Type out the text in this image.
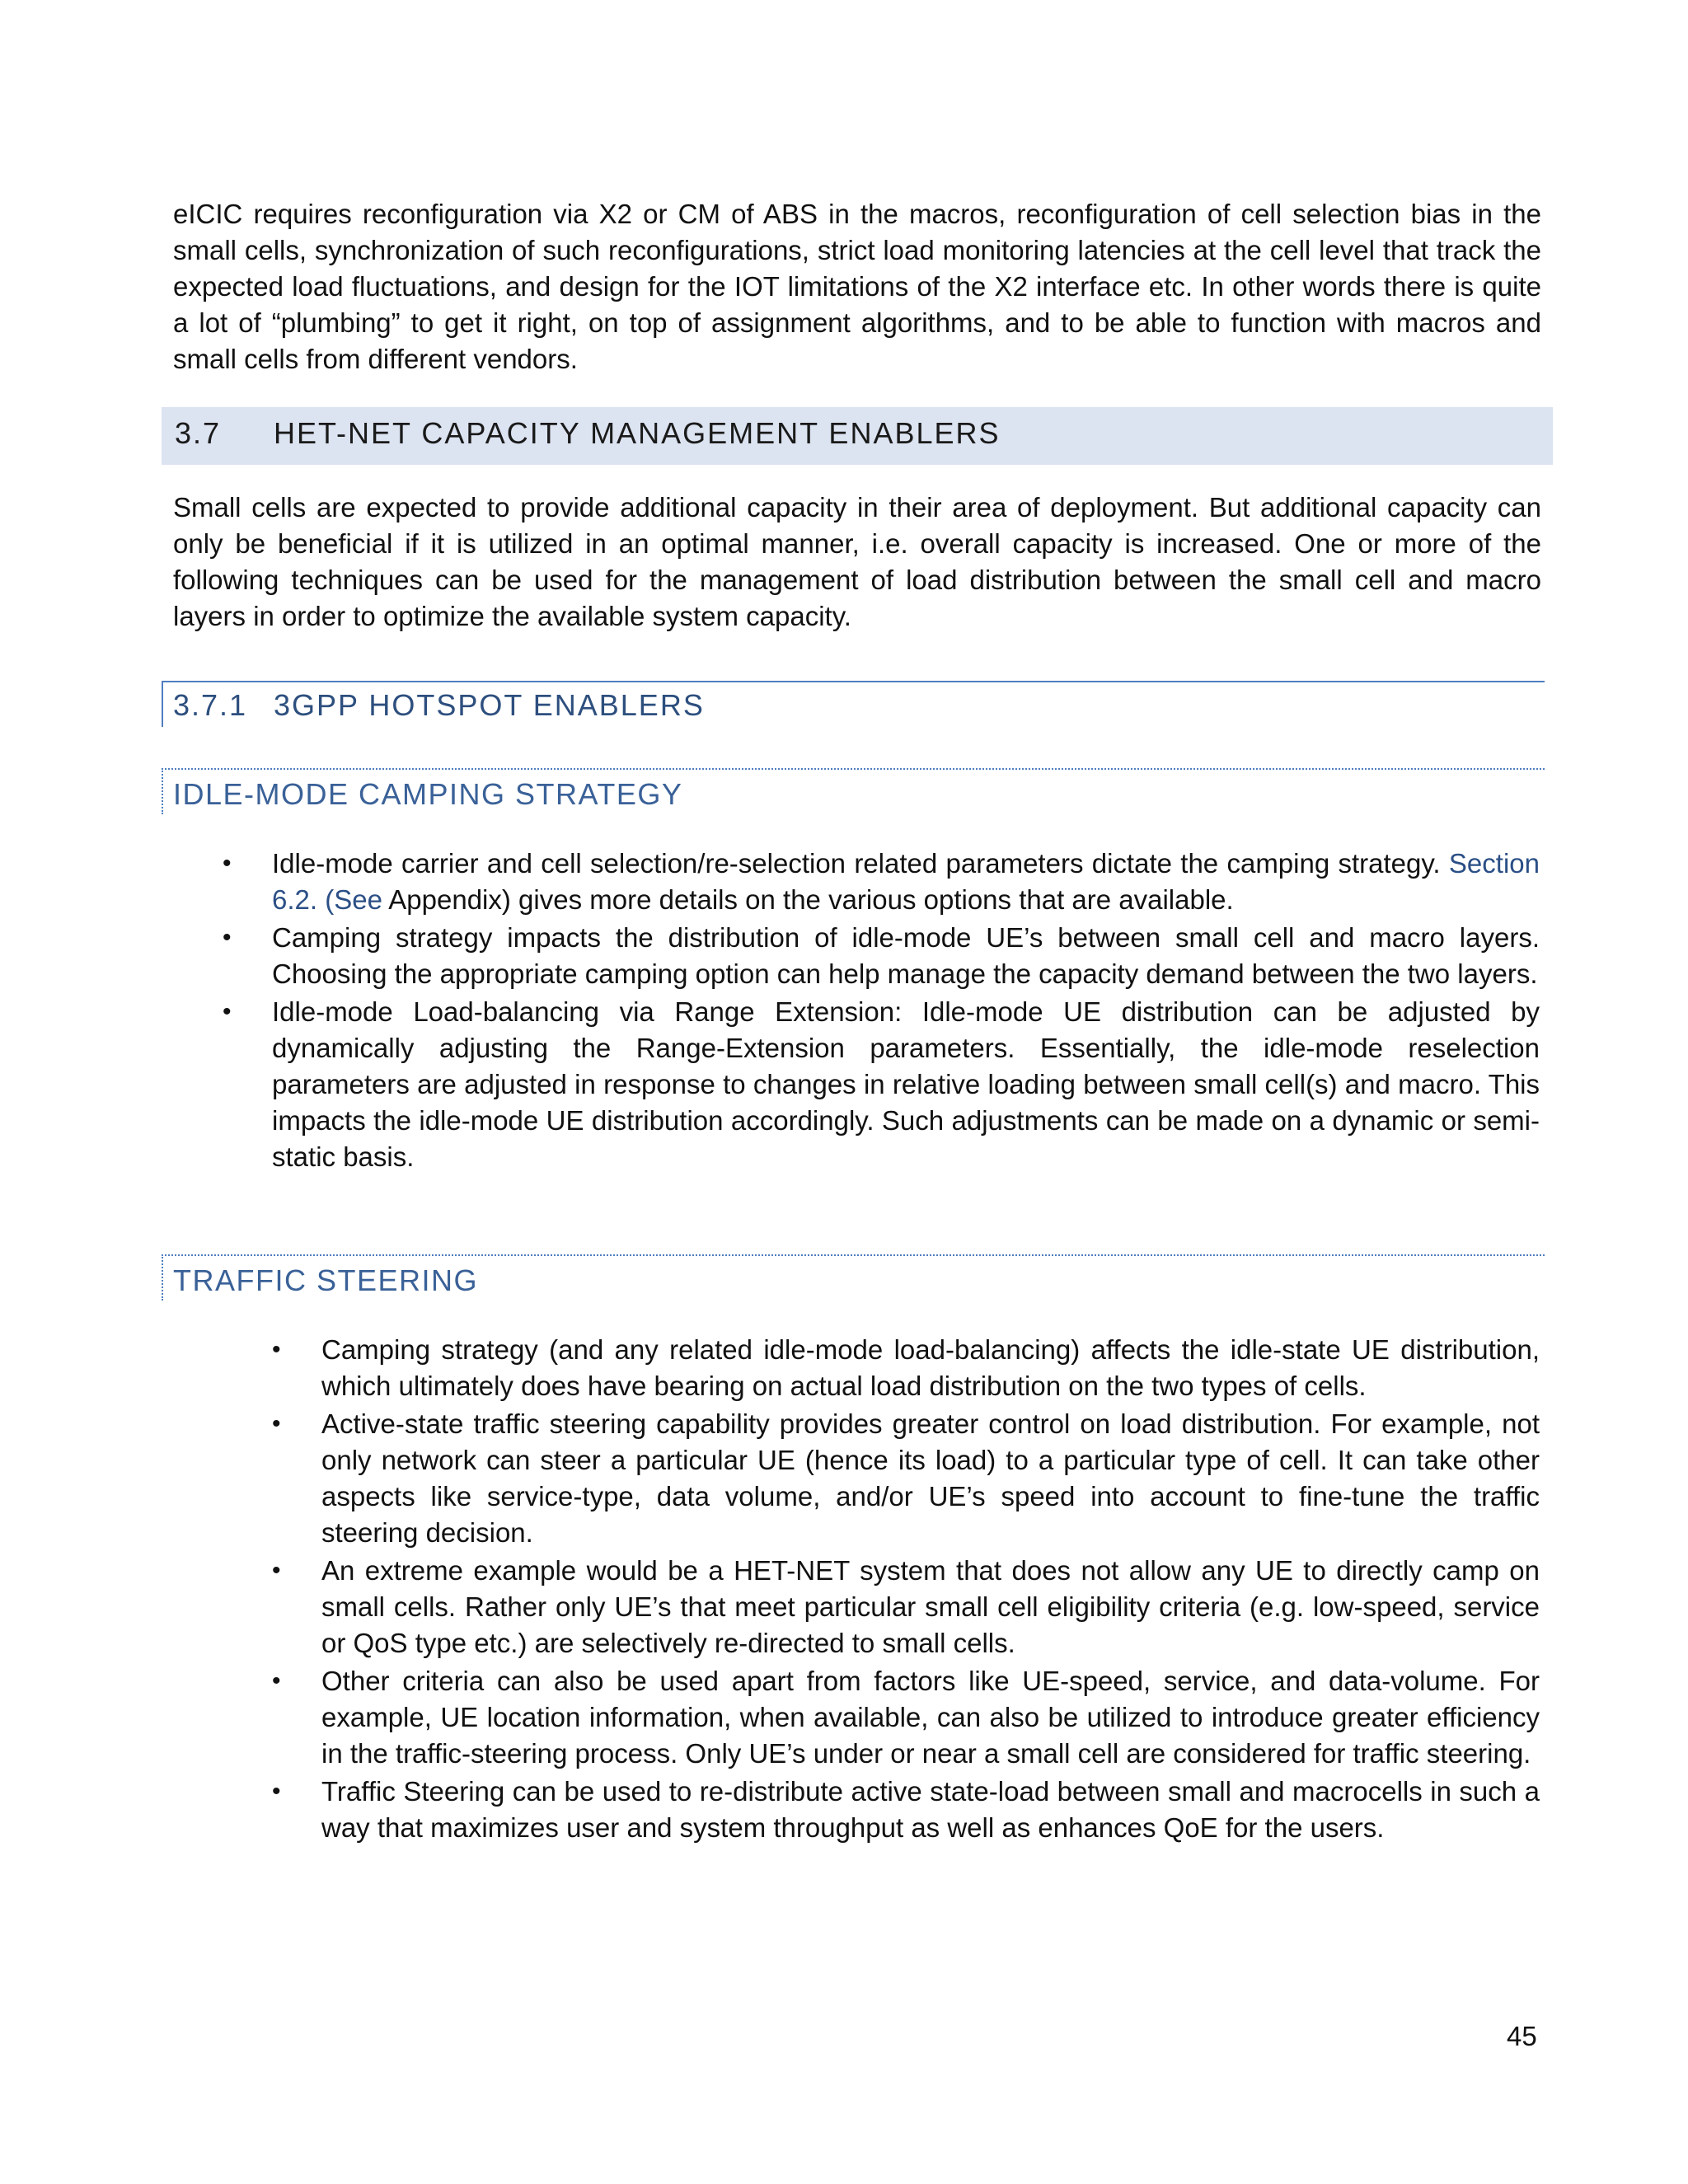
eICIC requires reconfiguration via X2 or CM of ABS in the macros, reconfiguration of cell selection bias in the small cells, synchronization of such reconfigurations, strict load monitoring latencies at the cell level that track the expected load fluctuations, and design for the IOT limitations of the X2 interface etc. In other words there is quite a lot of “plumbing” to get it right, on top of assignment algorithms, and to be able to function with macros and small cells from different vendors.

3.7 HET-NET CAPACITY MANAGEMENT ENABLERS

Small cells are expected to provide additional capacity in their area of deployment. But additional capacity can only be beneficial if it is utilized in an optimal manner, i.e. overall capacity is increased. One or more of the following techniques can be used for the management of load distribution between the small cell and macro layers in order to optimize the available system capacity.

3.7.1 3GPP HOTSPOT ENABLERS
IDLE-MODE CAMPING STRATEGY
• Idle-mode carrier and cell selection/re-selection related parameters dictate the camping strategy. Section 6.2. (See Appendix) gives more details on the various options that are available.
• Camping strategy impacts the distribution of idle-mode UE’s between small cell and macro layers. Choosing the appropriate camping option can help manage the capacity demand between the two layers.
• Idle-mode Load-balancing via Range Extension: Idle-mode UE distribution can be adjusted by dynamically adjusting the Range-Extension parameters. Essentially, the idle-mode reselection parameters are adjusted in response to changes in relative loading between small cell(s) and macro. This impacts the idle-mode UE distribution accordingly. Such adjustments can be made on a dynamic or semi-static basis.
TRAFFIC STEERING
• Camping strategy (and any related idle-mode load-balancing) affects the idle-state UE distribution, which ultimately does have bearing on actual load distribution on the two types of cells.
• Active-state traffic steering capability provides greater control on load distribution. For example, not only network can steer a particular UE (hence its load) to a particular type of cell. It can take other aspects like service-type, data volume, and/or UE’s speed into account to fine-tune the traffic steering decision.
• An extreme example would be a HET-NET system that does not allow any UE to directly camp on small cells. Rather only UE’s that meet particular small cell eligibility criteria (e.g. low-speed, service or QoS type etc.) are selectively re-directed to small cells.
• Other criteria can also be used apart from factors like UE-speed, service, and data-volume. For example, UE location information, when available, can also be utilized to introduce greater efficiency in the traffic-steering process. Only UE’s under or near a small cell are considered for traffic steering.
• Traffic Steering can be used to re-distribute active state-load between small and macrocells in such a way that maximizes user and system throughput as well as enhances QoE for the users.
45
